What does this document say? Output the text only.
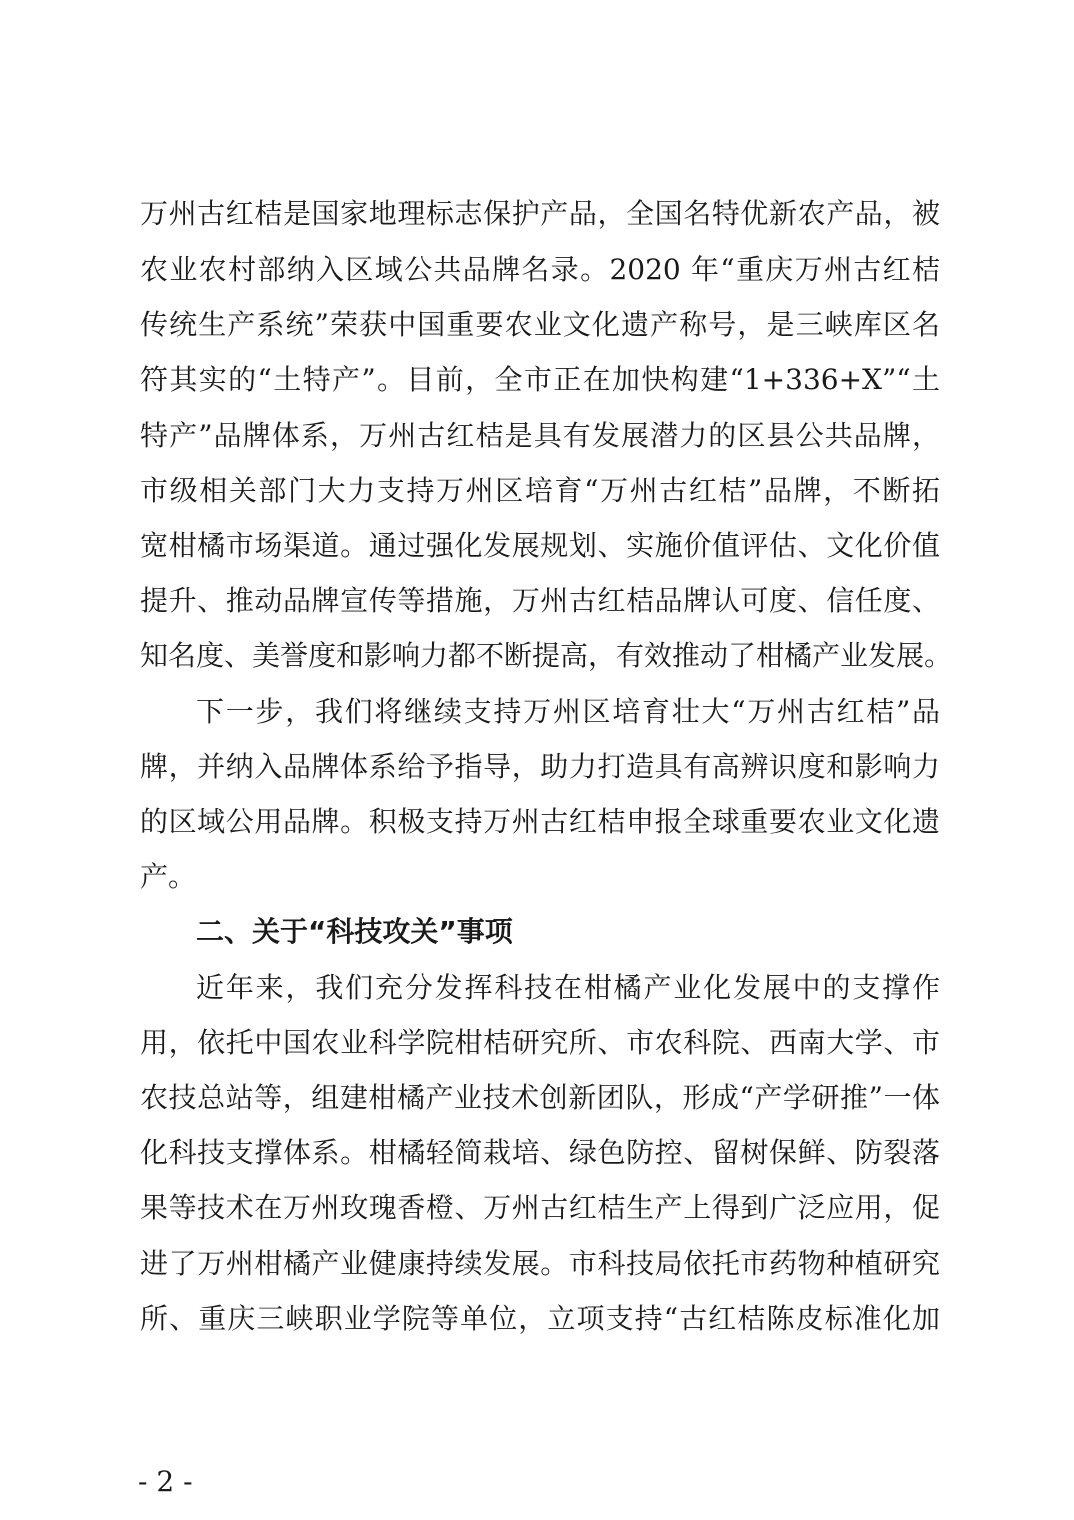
万州古红桔是国家地理标志保护产品，全国名特优新农产品，被
农业农村部纳入区域公共品牌名录。2020 年“重庆万州古红桔
传统生产系统”荣获中国重要农业文化遗产称号，是三峡库区名
符其实的“土特产”。目前，全市正在加快构建“1+336+X”“土
特产”品牌体系，万州古红桔是具有发展潜力的区县公共品牌，
市级相关部门大力支持万州区培育“万州古红桔”品牌，不断拓
宽柑橘市场渠道。通过强化发展规划、实施价值评估、文化价值
提升、推动品牌宣传等措施，万州古红桔品牌认可度、信任度、
知名度、美誉度和影响力都不断提高，有效推动了柑橘产业发展。
下一步，我们将继续支持万州区培育壮大“万州古红桔”品
牌，并纳入品牌体系给予指导，助力打造具有高辨识度和影响力
的区域公用品牌。积极支持万州古红桔申报全球重要农业文化遗
产。
二、关于“科技攻关”事项
近年来，我们充分发挥科技在柑橘产业化发展中的支撑作
用，依托中国农业科学院柑桔研究所、市农科院、西南大学、市
农技总站等，组建柑橘产业技术创新团队，形成“产学研推”一体
化科技支撑体系。柑橘轻简栽培、绿色防控、留树保鲜、防裂落
果等技术在万州玫瑰香橙、万州古红桔生产上得到广泛应用，促
进了万州柑橘产业健康持续发展。市科技局依托市药物种植研究
所、重庆三峡职业学院等单位，立项支持“古红桔陈皮标准化加
- 2 -
